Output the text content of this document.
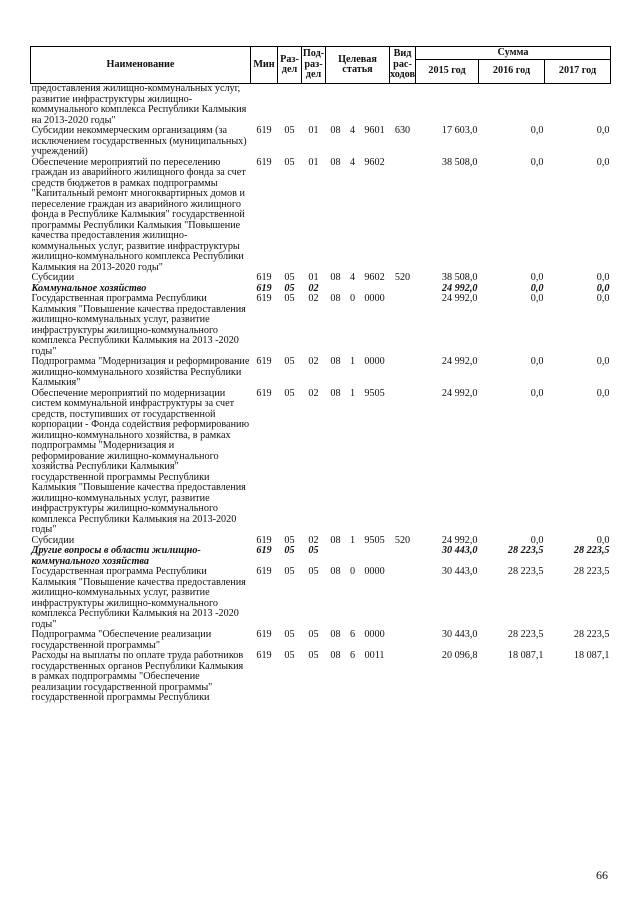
Наименование	Мин	Раз-
дел	Под-
раз-
дел	Целевая
статья			Вид
рас-
ходов	Сумма		
								2015 год	2016 год	2017 год
предоставления жилищно-коммунальных услуг, развитие инфраструктуры жилищно-коммунального комплекса Республики Калмыкия на 2013-2020 годы"										
Субсидии некоммерческим организациям (за исключением государственных (муниципальных) учреждений)	619	05	01	08	4	9601	630	17 603,0	0,0	0,0
Обеспечение мероприятий по переселению граждан из аварийного жилищного фонда за счет средств бюджетов в рамках подпрограммы "Капитальный ремонт многоквартирных домов и переселение граждан из аварийного жилищного фонда в Республике Калмыкия" государственной программы Республики Калмыкия "Повышение качества предоставления жилищно-коммунальных услуг, развитие инфраструктуры жилищно-коммунального комплекса Республики Калмыкия на 2013-2020 годы"	619	05	01	08	4	9602		38 508,0	0,0	0,0
Субсидии	619	05	01	08	4	9602	520	38 508,0	0,0	0,0
Коммунальное хозяйство	619	05	02					24 992,0	0,0	0,0
Государственная программа Республики Калмыкия "Повышение качества предоставления жилищно-коммунальных услуг, развитие инфраструктуры жилищно-коммунального комплекса Республики Калмыкия на 2013 -2020 годы"	619	05	02	08	0	0000		24 992,0	0,0	0,0
Подпрограмма "Модернизация и реформирование жилищно-коммунального хозяйства Республики Калмыкия"	619	05	02	08	1	0000		24 992,0	0,0	0,0
Обеспечение мероприятий по модернизации систем коммунальной инфраструктуры за счет средств, поступивших от государственной корпорации - Фонда содействия реформированию жилищно-коммунального хозяйства, в рамках подпрограммы "Модернизация и реформирование жилищно-коммунального хозяйства Республики Калмыкия" государственной программы Республики Калмыкия "Повышение качества предоставления жилищно-коммунальных услуг, развитие инфраструктуры жилищно-коммунального комплекса Республики Калмыкия на 2013-2020 годы"	619	05	02	08	1	9505		24 992,0	0,0	0,0
Субсидии	619	05	02	08	1	9505	520	24 992,0	0,0	0,0
Другие вопросы в области жилищно-коммунального хозяйства	619	05	05					30 443,0	28 223,5	28 223,5
Государственная программа Республики Калмыкия "Повышение качества предоставления жилищно-коммунальных услуг, развитие инфраструктуры жилищно-коммунального комплекса Республики Калмыкия на 2013 -2020 годы"	619	05	05	08	0	0000		30 443,0	28 223,5	28 223,5
Подпрограмма "Обеспечение реализации государственной программы"	619	05	05	08	6	0000		30 443,0	28 223,5	28 223,5
Расходы на выплаты по оплате труда работников государственных органов Республики Калмыкия в рамках подпрограммы "Обеспечение реализации государственной программы" государственной программы Республики	619	05	05	08	6	0011		20 096,8	18 087,1	18 087,1
66
